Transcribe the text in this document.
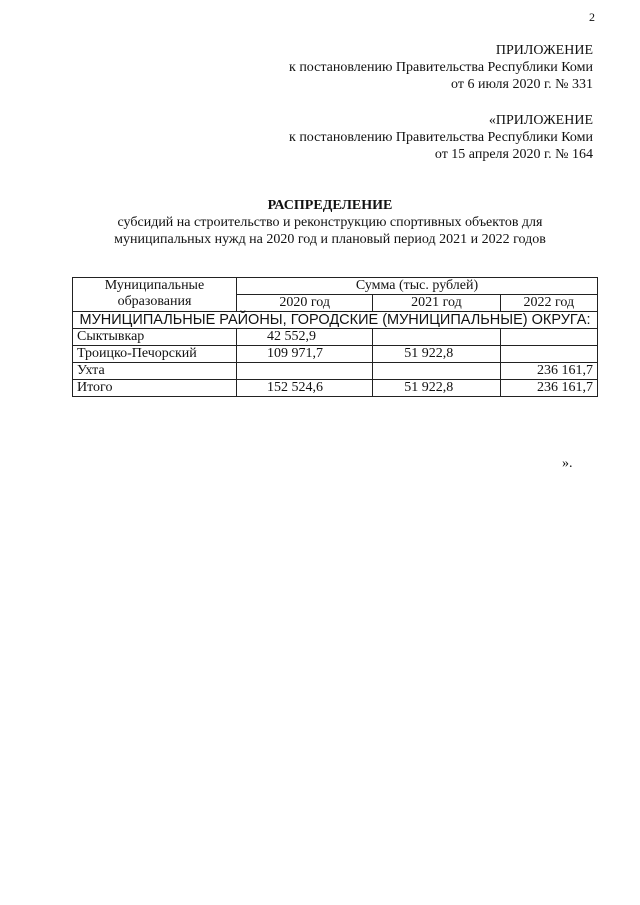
2
ПРИЛОЖЕНИЕ
к постановлению Правительства Республики Коми
от 6 июля 2020 г. № 331
«ПРИЛОЖЕНИЕ
к постановлению Правительства Республики Коми
от 15 апреля 2020 г. № 164
РАСПРЕДЕЛЕНИЕ
субсидий на строительство и реконструкцию спортивных объектов для
муниципальных нужд на 2020 год и плановый период 2021 и 2022 годов
Муниципальные
образования	Сумма (тыс. рублей)		
	2020 год	2021 год	2022 год
МУНИЦИПАЛЬНЫЕ РАЙОНЫ, ГОРОДСКИЕ (МУНИЦИПАЛЬНЫЕ) ОКРУГА:			
Сыктывкар	42 552,9		
Троицко-Печорский	109 971,7	51 922,8	
Ухта			236 161,7
Итого	152 524,6	51 922,8	236 161,7
».
